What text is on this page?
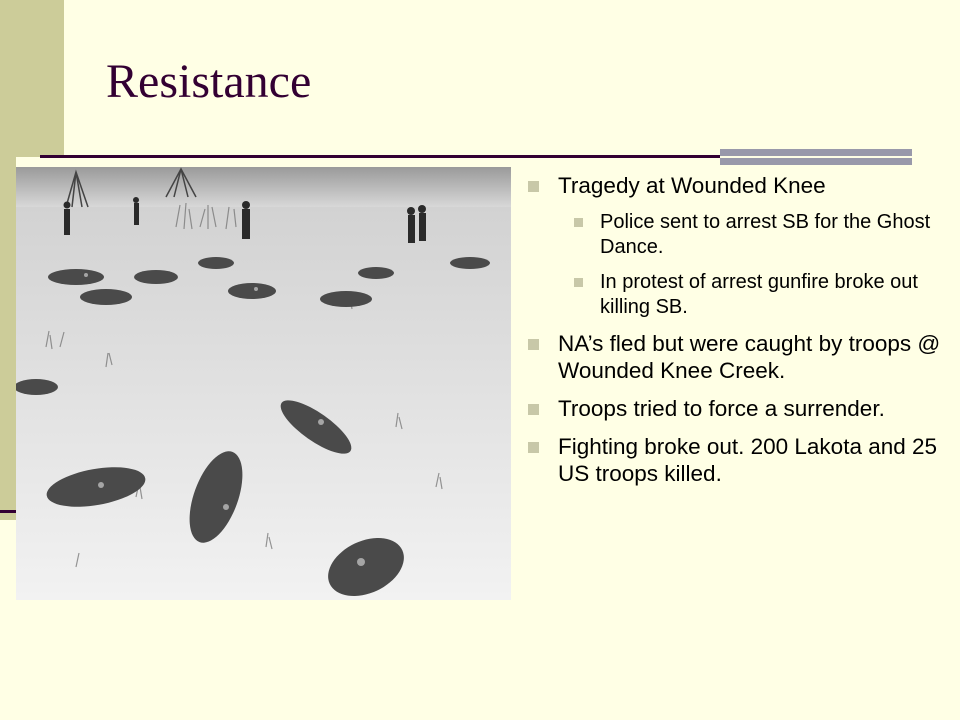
Resistance
Tragedy at Wounded Knee
Police sent to arrest SB for the Ghost Dance.
In protest of arrest gunfire broke out killing SB.
NA’s fled but were caught by troops @ Wounded Knee Creek.
Troops tried to force a surrender.
Fighting broke out. 200 Lakota and 25 US troops killed.
